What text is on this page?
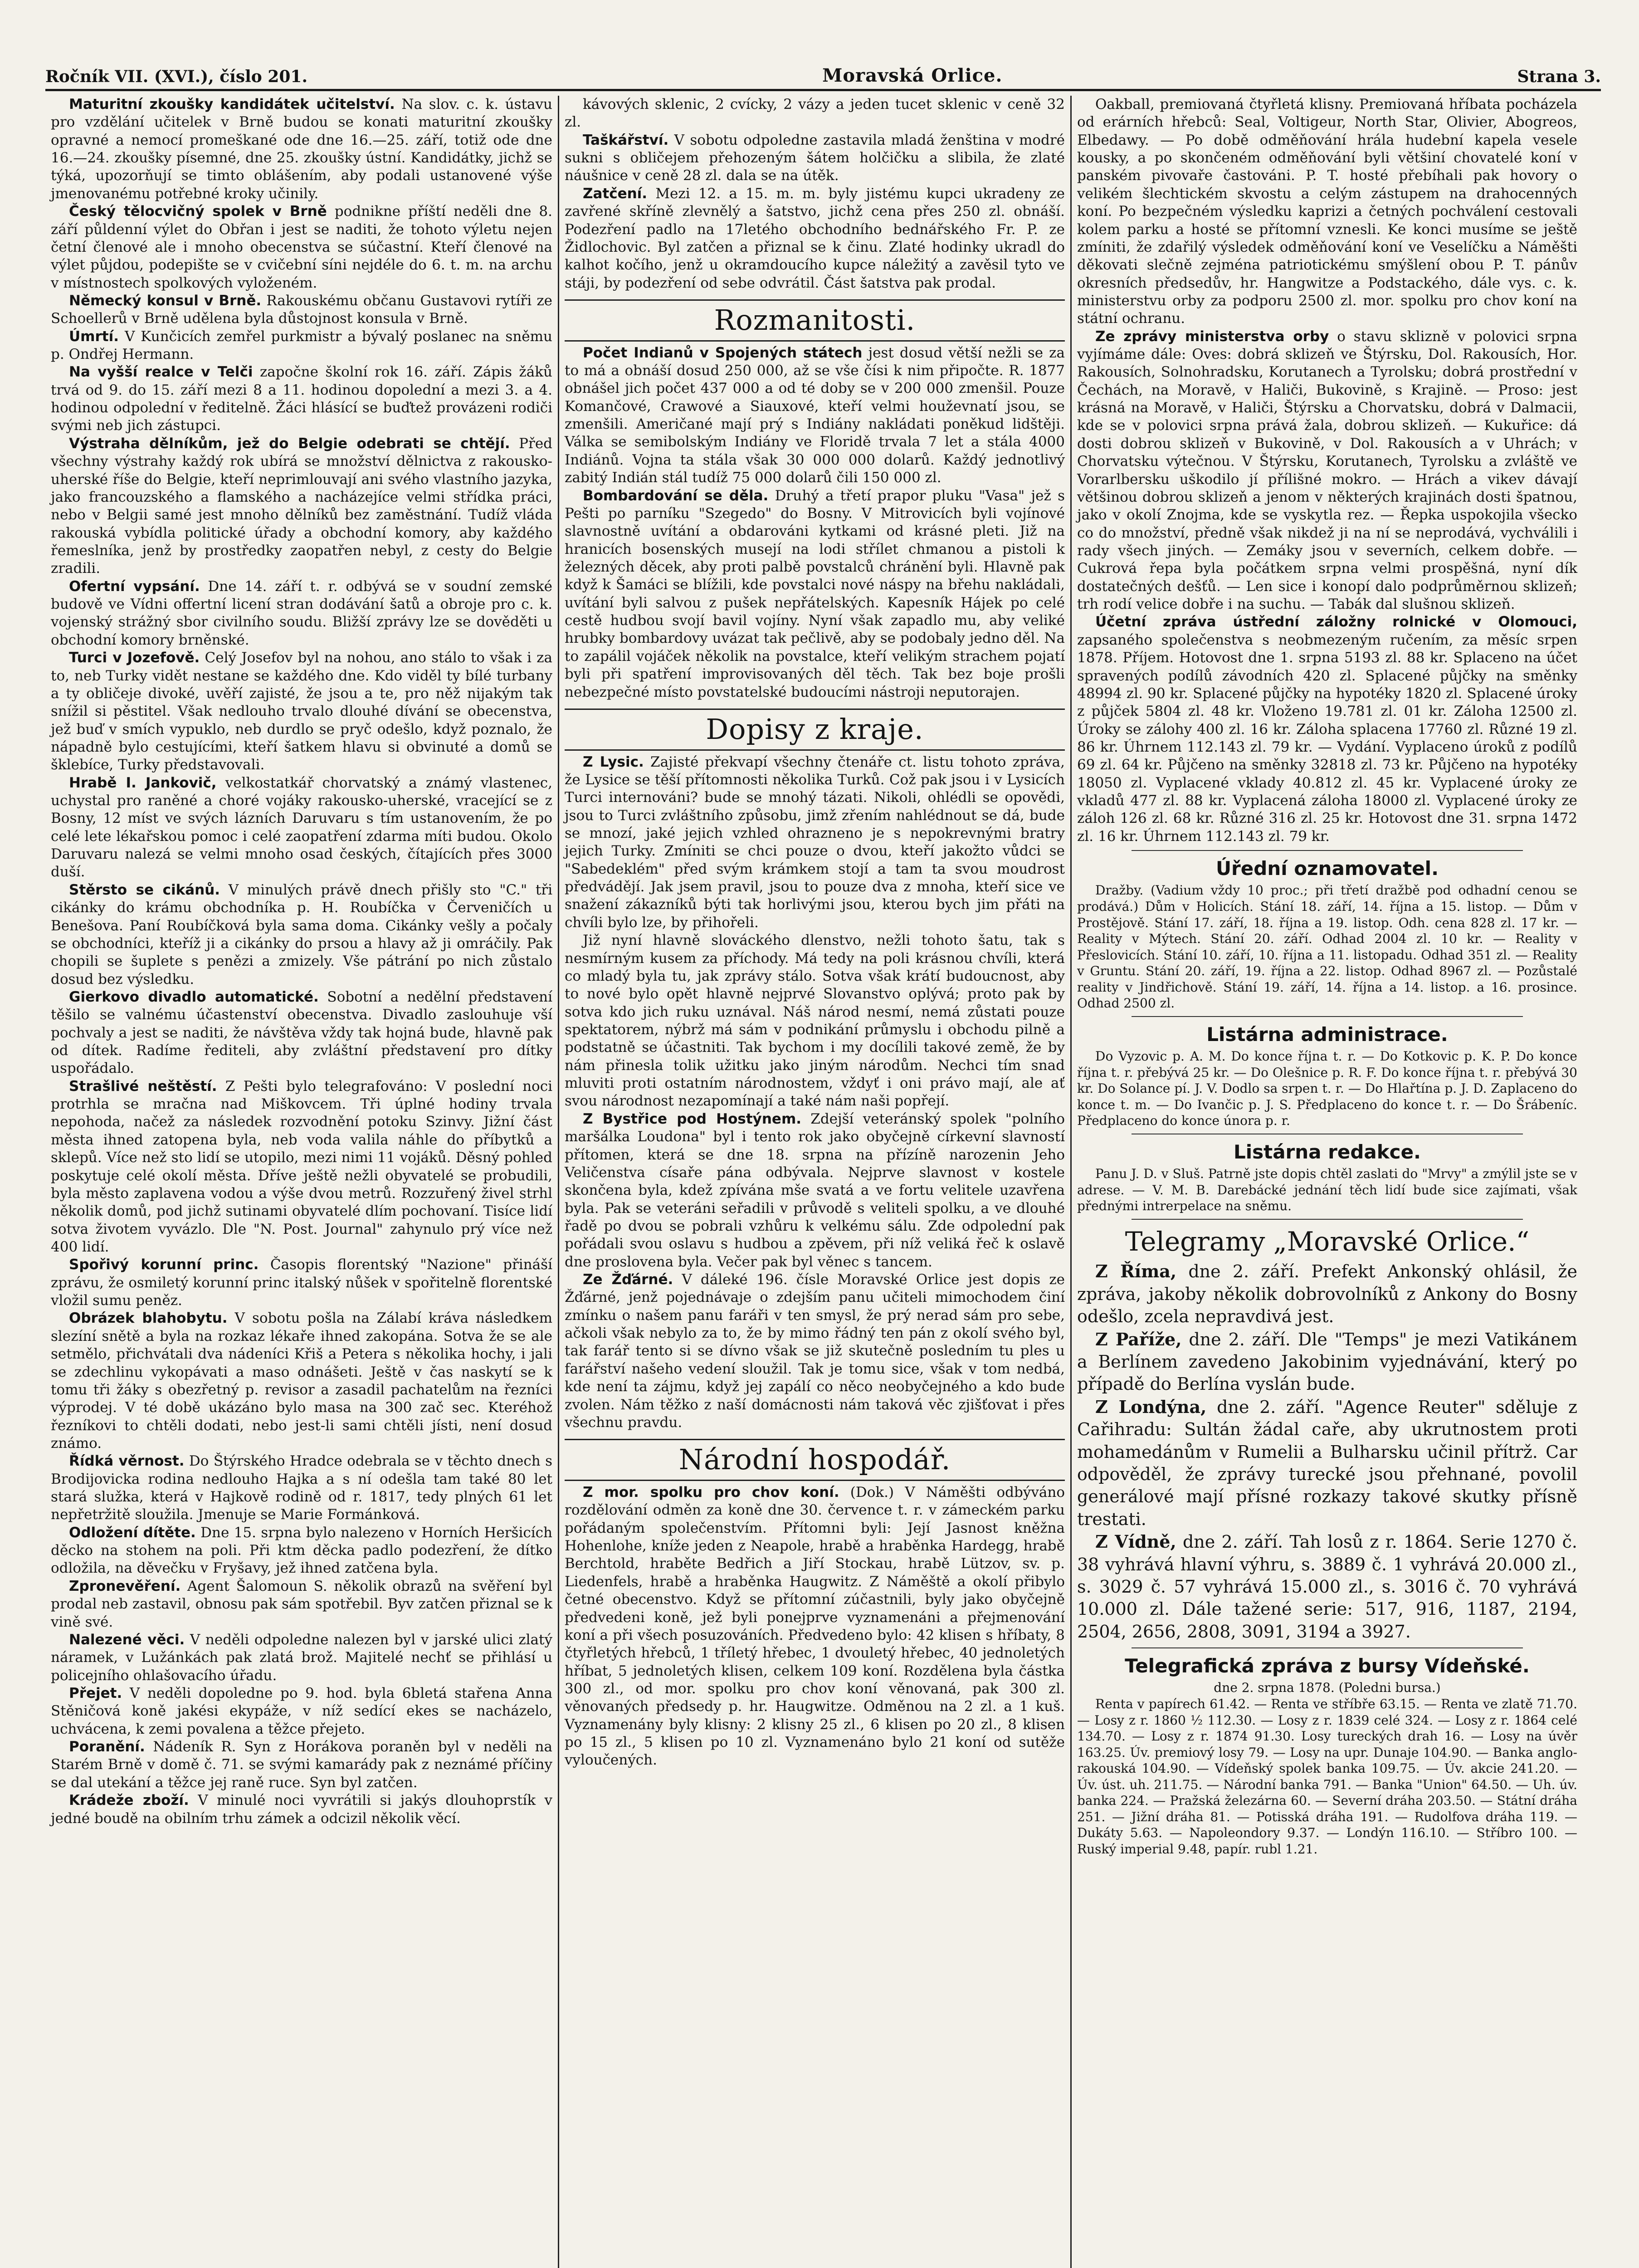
Ročník VII. (XVI.), číslo 201.	Moravská Orlice.	Strana 3.

Maturitní zkoušky kandidátek učitelství. Na slov. c. k. ústavu pro vzdělání učitelek v Brně budou se konati maturitní zkoušky opravné a nemocí promeškané ode dne 16.—25. září, totiž ode dne 16.—24. zkoušky písemné, dne 25. zkoušky ústní. Kandidátky, jichž se týká, upozorňují se timto oblášením, aby podali ustanovené výše jmenovanému potřebné kroky učinily.

Český tělocvičný spolek v Brně podnikne příští neděli dne 8. září půldenní výlet do Obřan i jest se naditi, že tohoto výletu nejen četní členové ale i mnoho obecenstva se súčastní. Kteří členové na výlet půjdou, podepište se v cvičební síni nejdéle do 6. t. m. na archu v místnostech spolkových vyloženém.

Německý konsul v Brně. Rakouskému občanu Gustavovi rytíři ze Schoellerů v Brně udělena byla důstojnost konsula v Brně.

Úmrtí. V Kunčicích zemřel purkmistr a bývalý poslanec na sněmu p. Ondřej Hermann.

Na vyšší realce v Telči započne školní rok 16. září. Zápis žáků trvá od 9. do 15. září mezi 8 a 11. hodinou dopolední a mezi 3. a 4. hodinou odpolední v ředitelně. Žáci hlásící se buďtež provázeni rodiči svými neb jich zástupci.

Výstraha dělníkům, jež do Belgie odebrati se chtějí. Před všechny výstrahy každý rok ubírá se množství dělnictva z rakousko-uherské říše do Belgie, kteří neprimlouvají ani svého vlastního jazyka, jako francouzského a flamského a nacházejíce velmi střídka práci, nebo v Belgii samé jest mnoho dělníků bez zaměstnání. Tudíž vláda rakouská vybídla politické úřady a obchodní komory, aby každého řemeslníka, jenž by prostředky zaopatřen nebyl, z cesty do Belgie zradili.

Ofertní vypsání. Dne 14. září t. r. odbývá se v soudní zemské budově ve Vídni offertní licení stran dodávání šatů a obroje pro c. k. vojenský strážný sbor civilního soudu. Bližší zprávy lze se dověděti u obchodní komory brněnské.

Turci v Jozefově. Celý Josefov byl na nohou, ano stálo to však i za to, neb Turky vidět nestane se každého dne. Kdo viděl ty bílé turbany a ty obličeje divoké, uvěří zajisté, že jsou a te, pro něž nijakým tak snížil si pěstitel. Však nedlouho trvalo dlouhé dívání se obecenstva, jež buď v smích vypuklo, neb durdlo se pryč odešlo, když poznalo, že nápadně bylo cestujícími, kteří šatkem hlavu si obvinuté a domů se šklebíce, Turky představovali.

Hrabě I. Jankovič, velkostatkář chorvatský a známý vlastenec, uchystal pro raněné a choré vojáky rakousko-uherské, vracející se z Bosny, 12 míst ve svých lázních Daruvaru s tím ustanovením, že po celé lete lékařskou pomoc i celé zaopatření zdarma míti budou. Okolo Daruvaru nalezá se velmi mnoho osad českých, čítajících přes 3000 duší.

Stěrsto se cikánů. V minulých právě dnech přišly sto "C." tři cikánky do krámu obchodníka p. H. Roubíčka v Červeničích u Benešova. Paní Roubíčková byla sama doma. Cikánky vešly a počaly se obchodníci, kteříž ji a cikánky do prsou a hlavy až ji omráčily. Pak chopili se šuplete s penězi a zmizely. Vše pátrání po nich zůstalo dosud bez výsledku.

Gierkovo divadlo automatické. Sobotní a nedělní představení těšilo se valnému účastenství obecenstva. Divadlo zaslouhuje vší pochvaly a jest se naditi, že návštěva vždy tak hojná bude, hlavně pak od dítek. Radíme řediteli, aby zvláštní představení pro dítky uspořádalo.

Strašlivé neštěstí. Z Pešti bylo telegrafováno: V poslední noci protrhla se mračna nad Miškovcem. Tři úplné hodiny trvala nepohoda, načež za následek rozvodnění potoku Szinvy. Jižní část města ihned zatopena byla, neb voda valila náhle do příbytků a sklepů. Více než sto lidí se utopilo, mezi nimi 11 vojáků. Děsný pohled poskytuje celé okolí města. Dříve ještě nežli obyvatelé se probudili, byla město zaplavena vodou a výše dvou metrů. Rozzuřený živel strhl několik domů, pod jichž sutinami obyvatelé dlím pochovaní. Tisíce lidí sotva životem vyvázlo. Dle "N. Post. Journal" zahynulo prý více než 400 lidí.

Spořivý korunní princ. Časopis florentský "Nazione" přináší zprávu, že osmiletý korunní princ italský nůšek v spořitelně florentské vložil sumu peněz.

Obrázek blahobytu. V sobotu pošla na Zálabí kráva následkem slezíní snětě a byla na rozkaz lékaře ihned zakopána. Sotva že se ale setmělo, přichvátali dva nádeníci Křiš a Petera s několika hochy, i jali se zdechlinu vykopávati a maso odnášeti. Ještě v čas naskytí se k tomu tři žáky s obezřetný p. revisor a zasadil pachatelům na řezníci výprodej. V té době ukázáno bylo masa na 300 zač sec. Kteréhož řezníkovi to chtěli dodati, nebo jest-li sami chtěli jísti, není dosud známo.

Řídká věrnost. Do Štýrského Hradce odebrala se v těchto dnech s Brodijovicka rodina nedlouho Hajka a s ní odešla tam také 80 let stará služka, která v Hajkově rodině od r. 1817, tedy plných 61 let nepřetržitě sloužila. Jmenuje se Marie Formánková.

Odložení dítěte. Dne 15. srpna bylo nalezeno v Horních Heršicích děcko na stohem na poli. Při ktm děcka padlo podezření, že dítko odložila, na děvečku v Fryšavy, jež ihned zatčena byla.

Zpronevěření. Agent Šalomoun S. několik obrazů na svěření byl prodal neb zastavil, obnosu pak sám spotřebil. Byv zatčen přiznal se k vině své.

Nalezené věci. V neděli odpoledne nalezen byl v jarské ulici zlatý náramek, v Lužánkách pak zlatá brož. Majitelé nechť se přihlásí u policejního ohlašovacího úřadu.

Přejet. V neděli dopoledne po 9. hod. byla 6bletá stařena Anna Stěničová koně jakési ekypáže, v níž sedící ekes se nacházelo, uchvácena, k zemi povalena a těžce přejeto.

Poranění. Nádeník R. Syn z Horákova poraněn byl v neděli na Starém Brně v domě č. 71. se svými kamarády pak z neznámé příčiny se dal utekání a těžce jej raně ruce. Syn byl zatčen.

Krádeže zboží. V minulé noci vyvrátili si jakýs dlouhoprstík v jedné boudě na obilním trhu zámek a odcizil několik věcí.

kávových sklenic, 2 cvícky, 2 vázy a jeden tucet sklenic v ceně 32 zl.

Taškářství. V sobotu odpoledne zastavila mladá ženština v modré sukni s obličejem přehozeným šátem holčičku a slibila, že zlaté náušnice v ceně 28 zl. dala se na útěk.

Zatčení. Mezi 12. a 15. m. m. byly jistému kupci ukradeny ze zavřené skříně zlevnělý a šatstvo, jichž cena přes 250 zl. obnáší. Podezření padlo na 17letého obchodního bednářského Fr. P. ze Židlochovic. Byl zatčen a přiznal se k činu. Zlaté hodinky ukradl do kalhot kočího, jenž u okramdoucího kupce náležitý a zavěsil tyto ve stáji, by podezření od sebe odvrátil. Část šatstva pak prodal.

Rozmanitosti.

Počet Indianů v Spojených státech jest dosud větší nežli se za to má a obnáší dosud 250 000, až se vše čísi k nim připočte. R. 1877 obnášel jich počet 437 000 a od té doby se v 200 000 zmenšil. Pouze Komančové, Crawové a Siauxové, kteří velmi houževnatí jsou, se zmenšili. Američané mají prý s Indiány nakládati poněkud lidštěji. Válka se semibolským Indiány ve Floridě trvala 7 let a stála 4000 Indiánů. Vojna ta stála však 30 000 000 dolarů. Každý jednotlivý zabitý Indián stál tudíž 75 000 dolarů čili 150 000 zl.

Bombardování se děla. Druhý a třetí prapor pluku "Vasa" jež s Pešti po parníku "Szegedo" do Bosny. V Mitrovicích byli vojínové slavnostně uvítání a obdarováni kytkami od krásné pleti. Již na hranicích bosenských musejí na lodi střílet chmanou a pistoli k železných děcek, aby proti palbě povstalců chránění byli. Hlavně pak když k Šamáci se blížili, kde povstalci nové náspy na břehu nakládali, uvítání byli salvou z pušek nepřátelských. Kapesník Hájek po celé cestě hudbou svojí bavil vojíny. Nyní však zapadlo mu, aby veliké hrubky bombardovy uvázat tak pečlivě, aby se podobaly jedno děl. Na to zapálil vojáček několik na povstalce, kteří velikým strachem pojatí byli při spatření improvisovaných děl těch. Tak bez boje prošli nebezpečné místo povstatelské budoucími nástroji neputorajen.

Dopisy z kraje.

Z Lysic. Zajisté překvapí všechny čtenáře ct. listu tohoto zpráva, že Lysice se těší přítomnosti několika Turků. Což pak jsou i v Lysicích Turci internováni? bude se mnohý tázati. Nikoli, ohlédli se opovědi, jsou to Turci zvláštního způsobu, jimž zřením nahlédnout se dá, bude se mnozí, jaké jejich vzhled ohrazneno je s nepokrevnými bratry jejich Turky. Zmíniti se chci pouze o dvou, kteří jakožto vůdci se "Sabedeklém" před svým krámkem stojí a tam ta svou moudrost předvádějí. Jak jsem pravil, jsou to pouze dva z mnoha, kteří sice ve snažení zákazníků býti tak horlivými jsou, kterou bych jim přáti na chvíli bylo lze, by přihořeli.

Již nyní hlavně slováckého dlenstvo, nežli tohoto šatu, tak s nesmírným kusem za příchody. Má tedy na poli krásnou chvíli, která co mladý byla tu, jak zprávy stálo. Sotva však krátí budoucnost, aby to nové bylo opět hlavně nejprvé Slovanstvo oplývá; proto pak by sotva kdo jich ruku uznával. Náš národ nesmí, nemá zůstati pouze spektatorem, nýbrž má sám v podnikání průmyslu i obchodu pilně a podstatně se účastniti. Tak bychom i my docílili takové země, že by nám přinesla tolik užitku jako jiným národům. Nechci tím snad mluviti proti ostatním národnostem, vždyť i oni právo mají, ale ať svou národnost nezapomínají a také nám naši popřejí.

Z Bystřice pod Hostýnem. Zdejší veteránský spolek "polního maršálka Loudona" byl i tento rok jako obyčejně církevní slavností přítomen, která se dne 18. srpna na přízíně narozenin Jeho Veličenstva císaře pána odbývala. Nejprve slavnost v kostele skončena byla, kdež zpívána mše svatá a ve fortu velitele uzavřena byla. Pak se veteráni seřadili v průvodě s veliteli spolku, a ve dlouhé řadě po dvou se pobrali vzhůru k velkému sálu. Zde odpolední pak pořádali svou oslavu s hudbou a zpěvem, při níž veliká řeč k oslavě dne proslovena byla. Večer pak byl věnec s tancem.

Ze Žďárné. V dáleké 196. čísle Moravské Orlice jest dopis ze Žďárné, jenž pojednávaje o zdejším panu učiteli mimochodem činí zmínku o našem panu faráři v ten smysl, že prý nerad sám pro sebe, ačkoli však nebylo za to, že by mimo řádný ten pán z okolí svého byl, tak farář tento si se dívno však se již skutečně posledním tu ples u farářství našeho vedení sloužil. Tak je tomu sice, však v tom nedbá, kde není ta zájmu, když jej zapálí co něco neobyčejného a kdo bude zvolen. Nám těžko z naší domácnosti nám taková věc zjišťovat i přes všechnu pravdu.

Národní hospodář.

Z mor. spolku pro chov koní. (Dok.) V Náměšti odbýváno rozdělování odměn za koně dne 30. července t. r. v zámeckém parku pořádaným společenstvím. Přítomni byli: Její Jasnost kněžna Hohenlohe, kníže jeden z Neapole, hrabě a hraběnka Hardegg, hrabě Berchtold, hraběte Bedřich a Jiří Stockau, hrabě Lützov, sv. p. Liedenfels, hrabě a hraběnka Haugwitz. Z Náměště a okolí přibylo četné obecenstvo. Když se přítomní zúčastnili, byly jako obyčejně předvedeni koně, jež byli ponejprve vyznamenáni a přejmenování koní a při všech posuzováních. Předvedeno bylo: 42 klisen s hříbaty, 8 čtyřletých hřebců, 1 tříletý hřebec, 1 dvouletý hřebec, 40 jednoletých hříbat, 5 jednoletých klisen, celkem 109 koní. Rozdělena byla částka 300 zl., od mor. spolku pro chov koní věnovaná, pak 300 zl. věnovaných předsedy p. hr. Haugwitze. Odměnou na 2 zl. a 1 kuš. Vyznamenány byly klisny: 2 klisny 25 zl., 6 klisen po 20 zl., 8 klisen po 15 zl., 5 klisen po 10 zl. Vyznamenáno bylo 21 koní od sutěže vyloučených.

Oakball, premiovaná čtyřletá klisny. Premiovaná hříbata pocházela od erárních hřebců: Seal, Voltigeur, North Star, Olivier, Abogreos, Elbedawy. — Po době odměňování hrála hudební kapela vesele kousky, a po skončeném odměňování byli většiní chovatelé koní v panském pivovaře častováni. P. T. hosté přebíhali pak hovory o velikém šlechtickém skvostu a celým zástupem na drahocenných koní. Po bezpečném výsledku kaprizi a četných pochválení cestovali kolem parku a hosté se přítomní vznesli. Ke konci musíme se ještě zmíniti, že zdařilý výsledek odměňování koní ve Veselíčku a Náměšti děkovati slečně zejména patriotickému smýšlení obou P. T. pánův okresních předsedův, hr. Hangwitze a Podstackého, dále vys. c. k. ministerstvu orby za podporu 2500 zl. mor. spolku pro chov koní na státní ochranu.

Ze zprávy ministerstva orby o stavu sklizně v polovici srpna vyjímáme dále: Oves: dobrá sklizeň ve Štýrsku, Dol. Rakousích, Hor. Rakousích, Solnohradsku, Korutanech a Tyrolsku; dobrá prostřední v Čechách, na Moravě, v Haliči, Bukovině, s Krajině. — Proso: jest krásná na Moravě, v Haliči, Štýrsku a Chorvatsku, dobrá v Dalmacii, kde se v polovici srpna prává žala, dobrou sklizeň. — Kukuřice: dá dosti dobrou sklizeň v Bukovině, v Dol. Rakousích a v Uhrách; v Chorvatsku výtečnou. V Štýrsku, Korutanech, Tyrolsku a zvláště ve Vorarlbersku uškodilo jí přílišné mokro. — Hrách a vikev dávají většinou dobrou sklizeň a jenom v některých krajinách dosti špatnou, jako v okolí Znojma, kde se vyskytla rez. — Řepka uspokojila všecko co do množství, předně však nikdež ji na ní se neprodává, vychválili i rady všech jiných. — Zemáky jsou v severních, celkem dobře. — Cukrová řepa byla počátkem srpna velmi prospěšná, nyní dík dostatečných dešťů. — Len sice i konopí dalo podprůměrnou sklizeň; trh rodí velice dobře i na suchu. — Tabák dal slušnou sklizeň.

Účetní zpráva ústřední záložny rolnické v Olomouci, zapsaného společenstva s neobmezeným ručením, za měsíc srpen 1878. Příjem. Hotovost dne 1. srpna 5193 zl. 88 kr. Splaceno na účet spravených podílů závodních 420 zl. Splacené půjčky na směnky 48994 zl. 90 kr. Splacené půjčky na hypotéky 1820 zl. Splacené úroky z půjček 5804 zl. 48 kr. Vloženo 19.781 zl. 01 kr. Záloha 12500 zl. Úroky se zálohy 400 zl. 16 kr. Záloha splacena 17760 zl. Různé 19 zl. 86 kr. Úhrnem 112.143 zl. 79 kr. — Vydání. Vyplaceno úroků z podílů 69 zl. 64 kr. Půjčeno na směnky 32818 zl. 73 kr. Půjčeno na hypotéky 18050 zl. Vyplacené vklady 40.812 zl. 45 kr. Vyplacené úroky ze vkladů 477 zl. 88 kr. Vyplacená záloha 18000 zl. Vyplacené úroky ze záloh 126 zl. 68 kr. Různé 316 zl. 25 kr. Hotovost dne 31. srpna 1472 zl. 16 kr. Úhrnem 112.143 zl. 79 kr.

Úřední oznamovatel.

Dražby. (Vadium vždy 10 proc.; při třetí dražbě pod odhadní cenou se prodává.) Dům v Holicích. Stání 18. září, 14. října a 15. listop. — Dům v Prostějově. Stání 17. září, 18. října a 19. listop. Odh. cena 828 zl. 17 kr. — Reality v Mýtech. Stání 20. září. Odhad 2004 zl. 10 kr. — Reality v Přeslovicích. Stání 10. září, 10. října a 11. listopadu. Odhad 351 zl. — Reality v Gruntu. Stání 20. září, 19. října a 22. listop. Odhad 8967 zl. — Pozůstalé reality v Jindřichově. Stání 19. září, 14. října a 14. listop. a 16. prosince. Odhad 2500 zl.

Listárna administrace.

Do Vyzovic p. A. M. Do konce října t. r. — Do Kotkovic p. K. P. Do konce října t. r. přebývá 25 kr. — Do Olešnice p. R. F. Do konce října t. r. přebývá 30 kr. Do Solance pí. J. V. Dodlo sa srpen t. r. — Do Hlařtína p. J. D. Zaplaceno do konce t. m. — Do Ivančic p. J. S. Předplaceno do konce t. r. — Do Šrábeníc. Předplaceno do konce února p. r.

Listárna redakce.

Panu J. D. v Sluš. Patrně jste dopis chtěl zaslati do "Mrvy" a zmýlil jste se v adrese. — V. M. B. Darebácké jednání těch lidí bude sice zajímati, však přednými intrerpelace na sněmu.

Telegramy „Moravské Orlice.“

Z Říma, dne 2. září. Prefekt Ankonský ohlásil, že zpráva, jakoby několik dobrovolníků z Ankony do Bosny odešlo, zcela nepravdivá jest.

Z Paříže, dne 2. září. Dle "Temps" je mezi Vatikánem a Berlínem zavedeno Jakobinim vyjednávání, který po případě do Berlína vyslán bude.

Z Londýna, dne 2. září. "Agence Reuter" sděluje z Cařihradu: Sultán žádal caře, aby ukrutnostem proti mohamedánům v Rumelii a Bulharsku učinil přítrž. Car odpověděl, že zprávy turecké jsou přehnané, povolil generálové mají přísné rozkazy takové skutky přísně trestati.

Z Vídně, dne 2. září. Tah losů z r. 1864. Serie 1270 č. 38 vyhrává hlavní výhru, s. 3889 č. 1 vyhrává 20.000 zl., s. 3029 č. 57 vyhrává 15.000 zl., s. 3016 č. 70 vyhrává 10.000 zl. Dále tažené serie: 517, 916, 1187, 2194, 2504, 2656, 2808, 3091, 3194 a 3927.

Telegrafická zpráva z bursy Vídeňské.

dne 2. srpna 1878. (Poledni bursa.)

Renta v papírech 61.42. — Renta ve stříbře 63.15. — Renta ve zlatě 71.70. — Losy z r. 1860 ½ 112.30. — Losy z r. 1839 celé 324. — Losy z r. 1864 celé 134.70. — Losy z r. 1874 91.30. Losy tureckých drah 16. — Losy na úvěr 163.25. Úv. premiový losy 79. — Losy na upr. Dunaje 104.90. — Banka anglo-rakouská 104.90. — Vídeňský spolek banka 109.75. — Úv. akcie 241.20. — Úv. úst. uh. 211.75. — Národní banka 791. — Banka "Union" 64.50. — Uh. úv. banka 224. — Pražská železárna 60. — Severní dráha 203.50. — Státní dráha 251. — Jižní dráha 81. — Potisská dráha 191. — Rudolfova dráha 119. — Dukáty 5.63. — Napoleondory 9.37. — Londýn 116.10. — Stříbro 100. — Ruský imperial 9.48, papír. rubl 1.21.
